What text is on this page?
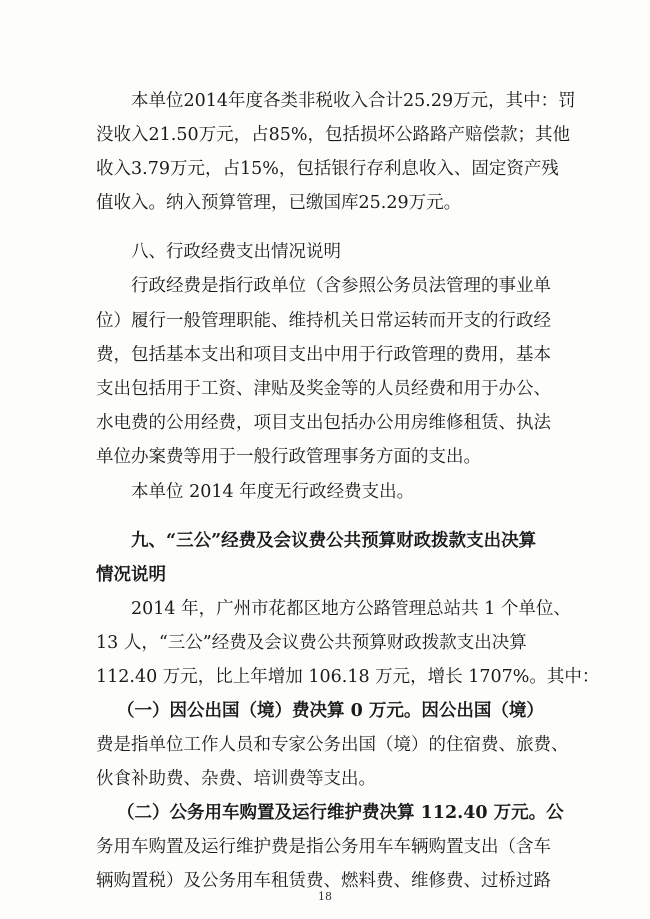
本单位2014年度各类非税收入合计25.29万元，其中：罚
没收入21.50万元，占85%，包括损坏公路路产赔偿款；其他
收入3.79万元，占15%，包括银行存利息收入、固定资产残
值收入。纳入预算管理，已缴国库25.29万元。
八、行政经费支出情况说明
行政经费是指行政单位（含参照公务员法管理的事业单
位）履行一般管理职能、维持机关日常运转而开支的行政经
费，包括基本支出和项目支出中用于行政管理的费用，基本
支出包括用于工资、津贴及奖金等的人员经费和用于办公、
水电费的公用经费，项目支出包括办公用房维修租赁、执法
单位办案费等用于一般行政管理事务方面的支出。
本单位 2014 年度无行政经费支出。
九、“三公”经费及会议费公共预算财政拨款支出决算
情况说明
2014 年，广州市花都区地方公路管理总站共 1 个单位、
13 人，“三公”经费及会议费公共预算财政拨款支出决算
112.40 万元，比上年增加 106.18 万元，增长 1707%。其中：
（一）因公出国（境）费决算 0 万元。因公出国（境）
费是指单位工作人员和专家公务出国（境）的住宿费、旅费、
伙食补助费、杂费、培训费等支出。
（二）公务用车购置及运行维护费决算 112.40 万元。公
务用车购置及运行维护费是指公务用车车辆购置支出（含车
辆购置税）及公务用车租赁费、燃料费、维修费、过桥过路
18
